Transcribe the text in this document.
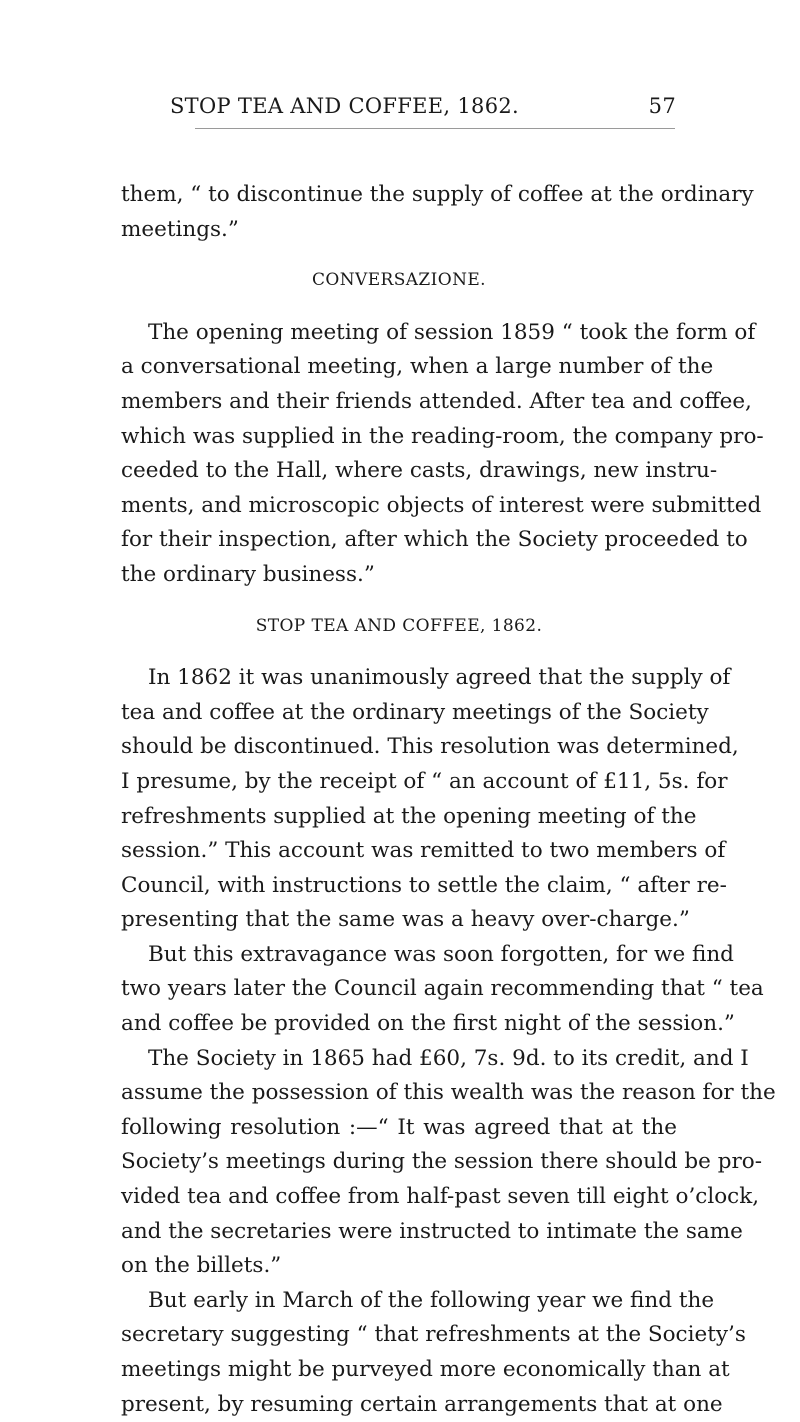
STOP TEA AND COFFEE, 1862.	57
them, “ to discontinue the supply of coffee at the ordinary
meetings.”
CONVERSAZIONE.
The opening meeting of session 1859 “ took the form of
a conversational meeting, when a large number of the
members and their friends attended. After tea and coffee,
which was supplied in the reading-room, the company pro-
ceeded to the Hall, where casts, drawings, new instru-
ments, and microscopic objects of interest were submitted
for their inspection, after which the Society proceeded to
the ordinary business.”
STOP TEA AND COFFEE, 1862.
In 1862 it was unanimously agreed that the supply of
tea and coffee at the ordinary meetings of the Society
should be discontinued. This resolution was determined,
I presume, by the receipt of “ an account of £11, 5s. for
refreshments supplied at the opening meeting of the
session.” This account was remitted to two members of
Council, with instructions to settle the claim, “ after re-
presenting that the same was a heavy over-charge.”
But this extravagance was soon forgotten, for we find
two years later the Council again recommending that “ tea
and coffee be provided on the first night of the session.”
The Society in 1865 had £60, 7s. 9d. to its credit, and I
assume the possession of this wealth was the reason for the
following resolution :—“ It was agreed that at the
Society’s meetings during the session there should be pro-
vided tea and coffee from half-past seven till eight o’clock,
and the secretaries were instructed to intimate the same
on the billets.”
But early in March of the following year we find the
secretary suggesting “ that refreshments at the Society’s
meetings might be purveyed more economically than at
present, by resuming certain arrangements that at one
